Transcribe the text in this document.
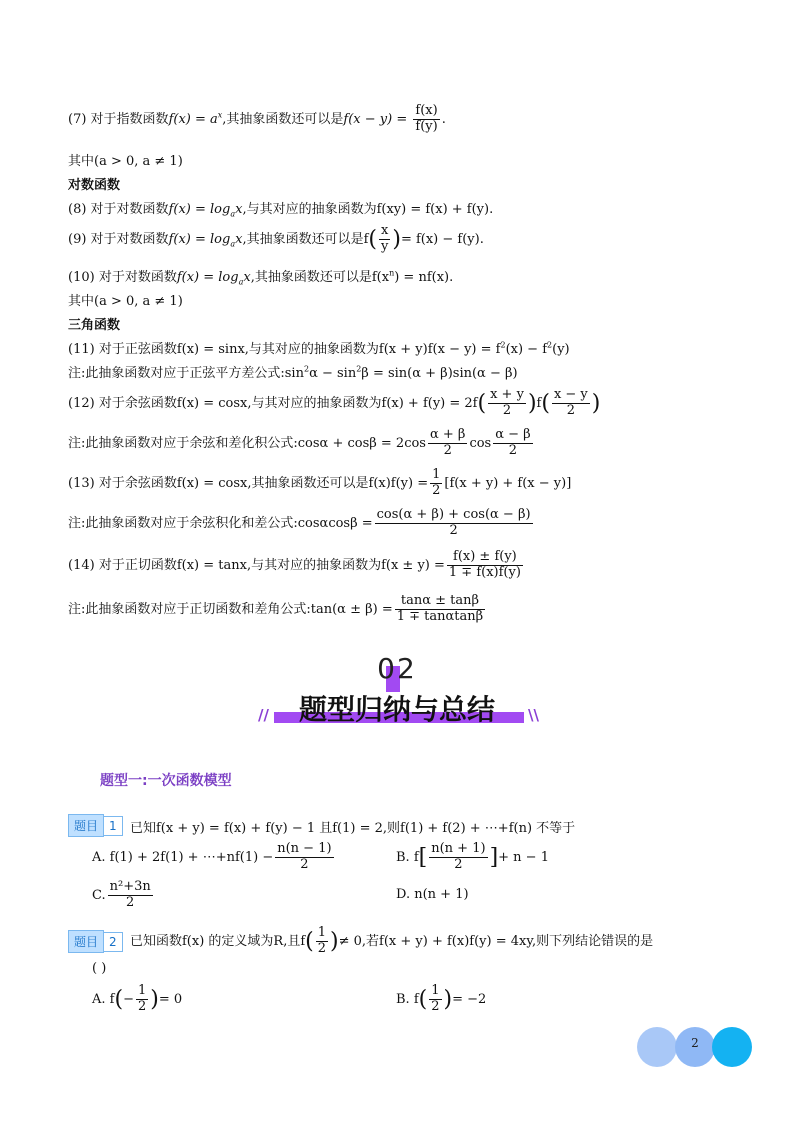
(7) 对于指数函数$f(x) = a^x$,其抽象函数还可以是$f(x - y) = \frac{f(x)}{f(y)}$ .
其中(a > 0, a ≠ 1)
对数函数
(8) 对于对数函数$f(x) = \log_ax$,与其对应的抽象函数为f(xy) = f(x) + f(y).
(9) 对于对数函数$f(x) = \log_ax$,其抽象函数还可以是$f( \frac{x}{y}$ )= f(x) − f(y).
(10) 对于对数函数$f(x) = \log_ax$,其抽象函数还可以是$f(x^n) = nf(x)$.
其中(a > 0, a ≠ 1)
三角函数
(11) 对于正弦函数f(x) = sinx,与其对应的抽象函数为$f(x + y)f(x - y) = f^2(x) - f^2(y)$
注:此抽象函数对应于正弦平方差公式$:\sin^2\alpha - \sin^2\beta = \sin(\alpha + \beta)\sin(\alpha - \beta)$
(12) 对于余弦函数f(x) = cosx,与其对应的抽象函数为$f(x) + f(y) = 2f( \frac{x + y}{2} )f( \frac{x - y}{2}$ )
注:此抽象函数对应于余弦和差化积公式:cosα + $\cos\beta = 2\cos \frac{\alpha + \beta}{2}$ $\cos \frac{\alpha - \beta}{2}$
(13) 对于余弦函数f(x) = cosx,其抽象函数还可以是$f(x)f(y) = \frac{1}{2} [f(x + y) + f(x - y)]$
注:此抽象函数对应于余弦积化和差公式:cosαcosβ = $\frac{\cos(\alpha + \beta) + \cos(\alpha - \beta)}{2}$
(14) 对于正切函数f(x) = tanx,与其对应的抽象函数为$f(x \pm y) = \frac{f(x) \pm f(y)}{1 \mp f(x)f(y)}$
注:此抽象函数对应于正切函数和差角公式:tan(α ± $\beta) = \frac{\tan\alpha \pm \tan\beta}{1 \mp \tan\alpha\tan\beta}$
02
题型归纳与总结
//	\\
题型一:一次函数模型
题目 1	已知f(x + y) = f(x) + f(y) − 1 且f(1) = 2,则f(1) + f(2) + ⋯+f(n) 不等于
A. f(1) + 2f(1) + ⋯+nf(1) − $\frac{n(n - 1)}{2}$	B. $f[ \frac{n(n + 1)}{2}$ ]+ n − 1
C. $\frac{\text{n²+3n}}{2}$	D. n(n + 1)
题目 2	已知函数f(x) 的定义域为R,且$f( \frac{1}{2}$ )≠ 0,若f(x + y) + f(x)f(y) = 4xy,则下列结论错误的是
( )
A. $f(- \frac{1}{2}$ )= 0	B. $f( \frac{1}{2}$ )= −2
2
